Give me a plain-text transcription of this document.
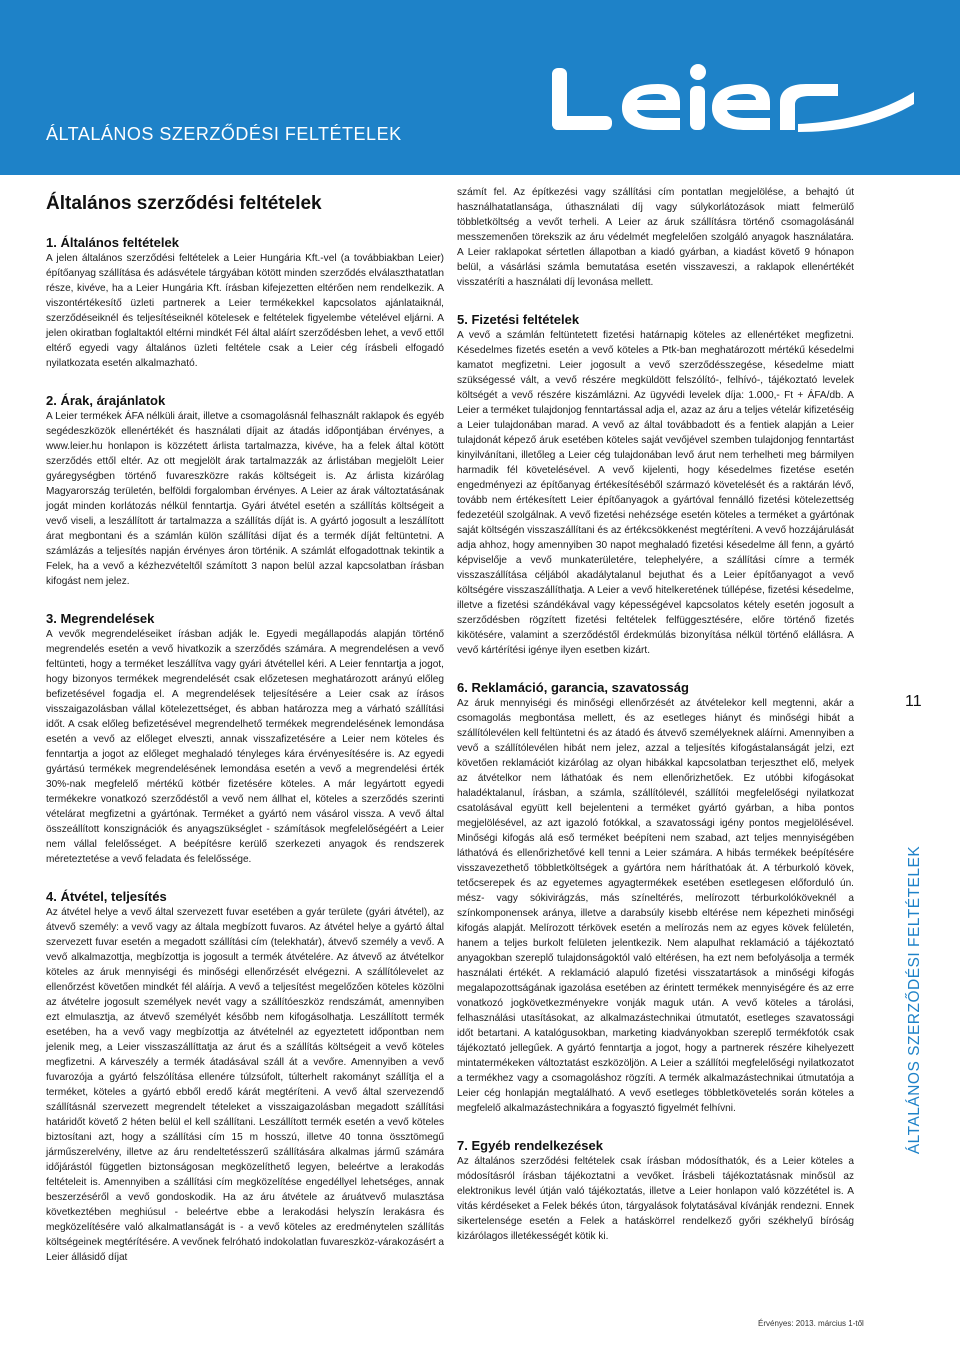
ÁLTALÁNOS SZERZŐDÉSI FELTÉTELEK
Általános szerződési feltételek
1. Általános feltételek

A jelen általános szerződési feltételek a Leier Hungária Kft.-vel (a továbbiakban Leier) építőanyag szállítása és adásvétele tárgyában kötött minden szerződés elválaszthatatlan része, kivéve, ha a Leier Hungária Kft. írásban kifejezetten eltérően nem rendelkezik. A viszontértékesítő üzleti partnerek a Leier termékekkel kapcsolatos ajánlataiknál, szerződéseiknél és teljesítéseiknél kötelesek e feltételek figyelembe vételével eljárni. A jelen okiratban foglaltaktól eltérni mindkét Fél által aláírt szerződésben lehet, a vevő ettől eltérő egyedi vagy általános üzleti feltétele csak a Leier cég írásbeli elfogadó nyilatkozata esetén alkalmazható.

2. Árak, árajánlatok

A Leier termékek ÁFA nélküli árait, illetve a csomagolásnál felhasznált raklapok és egyéb segédeszközök ellenértékét és használati díjait az átadás időpontjában érvényes, a www.leier.hu honlapon is közzétett árlista tartalmazza, kivéve, ha a felek által kötött szerződés ettől eltér. Az ott megjelölt árak tartalmazzák az árlistában megjelölt Leier gyáregységben történő fuvareszközre rakás költségeit is. Az árlista kizárólag Magyarország területén, belföldi forgalomban érvényes. A Leier az árak változtatásának jogát minden korlátozás nélkül fenntartja. Gyári átvétel esetén a szállítás költségeit a vevő viseli, a leszállított ár tartalmazza a szállítás díját is. A gyártó jogosult a leszállított árat megbontani és a számlán külön szállítási díjat és a termék díját feltüntetni. A számlázás a teljesítés napján érvényes áron történik. A számlát elfogadottnak tekintik a Felek, ha a vevő a kézhezvételtől számított 3 napon belül azzal kapcsolatban írásban kifogást nem jelez.

3. Megrendelések

A vevők megrendeléseiket írásban adják le. Egyedi megállapodás alapján történő megrendelés esetén a vevő hivatkozik a szerződés számára. A megrendelésen a vevő feltünteti, hogy a terméket leszállítva vagy gyári átvétellel kéri. A Leier fenntartja a jogot, hogy bizonyos termékek megrendelését csak előzetesen meghatározott arányú előleg befizetésével fogadja el. A megrendelések teljesítésére a Leier csak az írásos visszaigazolásban vállal kötelezettséget, és abban határozza meg a várható szállítási időt. A csak előleg befizetésével megrendelhető termékek megrendelésének lemondása esetén a vevő az előleget elveszti, annak visszafizetésére a Leier nem köteles és fenntartja a jogot az előleget meghaladó tényleges kára érvényesítésére is. Az egyedi gyártású termékek megrendelésének lemondása esetén a vevő a megrendelési érték 30%-nak megfelelő mértékű kötbér fizetésére köteles. A már legyártott egyedi termékekre vonatkozó szerződéstől a vevő nem állhat el, köteles a szerződés szerinti vételárat megfizetni a gyártónak. Terméket a gyártó nem vásárol vissza. A vevő által összeállított konszignációk és anyagszükséglet - számítások megfelelőségéért a Leier nem vállal felelősséget. A beépítésre kerülő szerkezeti anyagok és rendszerek méreteztetése a vevő feladata és felelőssége.

4. Átvétel, teljesítés

Az átvétel helye a vevő által szervezett fuvar esetében a gyár területe (gyári átvétel), az átvevő személy: a vevő vagy az általa megbízott fuvaros. Az átvétel helye a gyártó által szervezett fuvar esetén a megadott szállítási cím (telekhatár), átvevő személy a vevő. A vevő alkalmazottja, megbízottja is jogosult a termék átvételére. Az átvevő az átvételkor köteles az áruk mennyiségi és minőségi ellenőrzését elvégezni. A szállítólevelet az ellenőrzést követően mindkét fél aláírja. A vevő a teljesítést megelőzően köteles közölni az átvételre jogosult személyek nevét vagy a szállítóeszköz rendszámát, amennyiben ezt elmulasztja, az átvevő személyét később nem kifogásolhatja. Leszállított termék esetében, ha a vevő vagy megbízottja az átvételnél az egyeztetett időpontban nem jelenik meg, a Leier visszaszállíttatja az árut és a szállítás költségeit a vevő köteles megfizetni. A kárveszély a termék átadásával száll át a vevőre. Amennyiben a vevő fuvarozója a gyártó felszólítása ellenére túlzsúfolt, túlterhelt rakományt szállítja el a terméket, köteles a gyártó ebből eredő kárát megtéríteni. A vevő által szervezendő szállításnál szervezett megrendelt tételeket a visszaigazolásban megadott szállítási határidőt követő 2 héten belül el kell szállítani. Leszállított termék esetén a vevő köteles biztosítani azt, hogy a szállítási cím 15 m hosszú, illetve 40 tonna össztömegű járműszerelvény, illetve az áru rendeltetésszerű szállítására alkalmas jármű számára időjárástól független biztonságosan megközelíthető legyen, beleértve a lerakodás feltételeit is. Amennyiben a szállítási cím megközelítése engedéllyel lehetséges, annak beszerzéséről a vevő gondoskodik. Ha az áru átvétele az áruátvevő mulasztása következtében meghiúsul - beleértve ebbe a lerakodási helyszín lerakásra és megközelítésére való alkalmatlanságát is - a vevő köteles az eredménytelen szállítás költségeinek megtérítésére. A vevőnek felróható indokolatlan fuvareszköz-várakozásért a Leier állásidő díjat

számít fel. Az építkezési vagy szállítási cím pontatlan megjelölése, a behajtó út használhatatlansága, úthasználati díj vagy súlykorlátozások miatt felmerülő többletköltség a vevőt terheli. A Leier az áruk szállításra történő csomagolásánál messzemenően törekszik az áru védelmét megfelelően szolgáló anyagok használatára. A Leier raklapokat sértetlen állapotban a kiadó gyárban, a kiadást követő 9 hónapon belül, a vásárlási számla bemutatása esetén visszaveszi, a raklapok ellenértékét visszatéríti a használati díj levonása mellett.

5. Fizetési feltételek

A vevő a számlán feltüntetett fizetési határnapig köteles az ellenértéket megfizetni. Késedelmes fizetés esetén a vevő köteles a Ptk-ban meghatározott mértékű késedelmi kamatot megfizetni. Leier jogosult a vevő szerződésszegése, késedelme miatt szükségessé vált, a vevő részére megküldött felszólító-, felhívó-, tájékoztató levelek költségét a vevő részére kiszámlázni. Az ügyvédi levelek díja: 1.000,- Ft + ÁFA/db. A Leier a terméket tulajdonjog fenntartással adja el, azaz az áru a teljes vételár kifizetéséig a Leier tulajdonában marad. A vevő az által továbbadott és a fentiek alapján a Leier tulajdonát képező áruk esetében köteles saját vevőjével szemben tulajdonjog fenntartást kinyilvánítani, illetőleg a Leier cég tulajdonában levő árut nem terhelheti meg bármilyen harmadik fél követelésével. A vevő kijelenti, hogy késedelmes fizetése esetén engedményezi az építőanyag értékesítéséből származó követelését és a raktárán lévő, tovább nem értékesített Leier építőanyagok a gyártóval fennálló fizetési kötelezettség fedezetéül szolgálnak. A vevő fizetési nehézsége esetén köteles a terméket a gyártónak saját költségén visszaszállítani és az értékcsökkenést megtéríteni. A vevő hozzájárulását adja ahhoz, hogy amennyiben 30 napot meghaladó fizetési késedelme áll fenn, a gyártó képviselője a vevő munkaterületére, telephelyére, a szállítási címre a termék visszaszállítása céljából akadálytalanul bejuthat és a Leier építőanyagot a vevő költségére visszaszállíthatja. A Leier a vevő hitelkeretének túllépése, fizetési késedelme, illetve a fizetési szándékával vagy képességével kapcsolatos kétely esetén jogosult a szerződésben rögzített fizetési feltételek felfüggesztésére, előre történő fizetés kikötésére, valamint a szerződéstől érdekmúlás bizonyítása nélkül történő elállásra. A vevő kártérítési igénye ilyen esetben kizárt.

6. Reklamáció, garancia, szavatosság

Az áruk mennyiségi és minőségi ellenőrzését az átvételekor kell megtenni, akár a csomagolás megbontása mellett, és az esetleges hiányt és minőségi hibát a szállítólevélen kell feltüntetni és az átadó és átvevő személyeknek aláírni. Amennyiben a vevő a szállítólevélen hibát nem jelez, azzal a teljesítés kifogástalanságát jelzi, ezt követően reklamációt kizárólag az olyan hibákkal kapcsolatban terjeszthet elő, melyek az átvételkor nem láthatóak és nem ellenőrizhetőek. Ez utóbbi kifogásokat haladéktalanul, írásban, a számla, szállítólevél, szállítói megfelelőségi nyilatkozat csatolásával együtt kell bejelenteni a terméket gyártó gyárban, a hiba pontos megjelölésével, az azt igazoló fotókkal, a szavatossági igény pontos megjelölésével. Minőségi kifogás alá eső terméket beépíteni nem szabad, azt teljes mennyiségében láthatóvá és ellenőrizhetővé kell tenni a Leier számára. A hibás termékek beépítésére visszavezethető többletköltségek a gyártóra nem háríthatóak át. A térburkoló kövek, tetőcserepek és az egyetemes agyagtermékek esetében esetlegesen előforduló ún. mész- vagy sókivirágzás, más színeltérés, melírozott térburkolóköveknél a színkomponensek aránya, illetve a darabsúly kisebb eltérése nem képezheti minőségi kifogás alapját. Melírozott térkövek esetén a melírozás nem az egyes kövek felületén, hanem a teljes burkolt felületen jelentkezik. Nem alapulhat reklamáció a tájékoztató anyagokban szereplő tulajdonságoktól való eltérésen, ha ezt nem befolyásolja a termék használati értékét. A reklamáció alapuló fizetési visszatartások a minőségi kifogás megalapozottságának igazolása esetében az érintett termékek mennyiségére és az erre vonatkozó jogkövetkezményekre vonják maguk után. A vevő köteles a tárolási, felhasználási utasításokat, az alkalmazástechnikai útmutatót, esetleges szavatossági időt betartani. A katalógusokban, marketing kiadványokban szereplő termékfotók csak tájékoztató jellegűek. A gyártó fenntartja a jogot, hogy a partnerek részére kihelyezett mintatermékeken változtatást eszközöljön. A Leier a szállítói megfelelőségi nyilatkozatot a termékhez vagy a csomagoláshoz rögzíti. A termék alkalmazástechnikai útmutatója a Leier cég honlapján megtalálható. A vevő esetleges többletkövetelés során köteles a megfelelő alkalmazástechnikára a fogyasztó figyelmét felhívni.

7. Egyéb rendelkezések

Az általános szerződési feltételek csak írásban módosíthatók, és a Leier köteles a módosításról írásban tájékoztatni a vevőket. Írásbeli tájékoztatásnak minősül az elektronikus levél útján való tájékoztatás, illetve a Leier honlapon való közzététel is. A vitás kérdéseket a Felek békés úton, tárgyalások folytatásával kívánják rendezni. Ennek sikertelensége esetén a Felek a hatáskörrel rendelkező győri székhelyű bíróság kizárólagos illetékességét kötik ki.

11
ÁLTALÁNOS SZERZŐDÉSI FELTÉTELEK
Érvényes: 2013. március 1-től
